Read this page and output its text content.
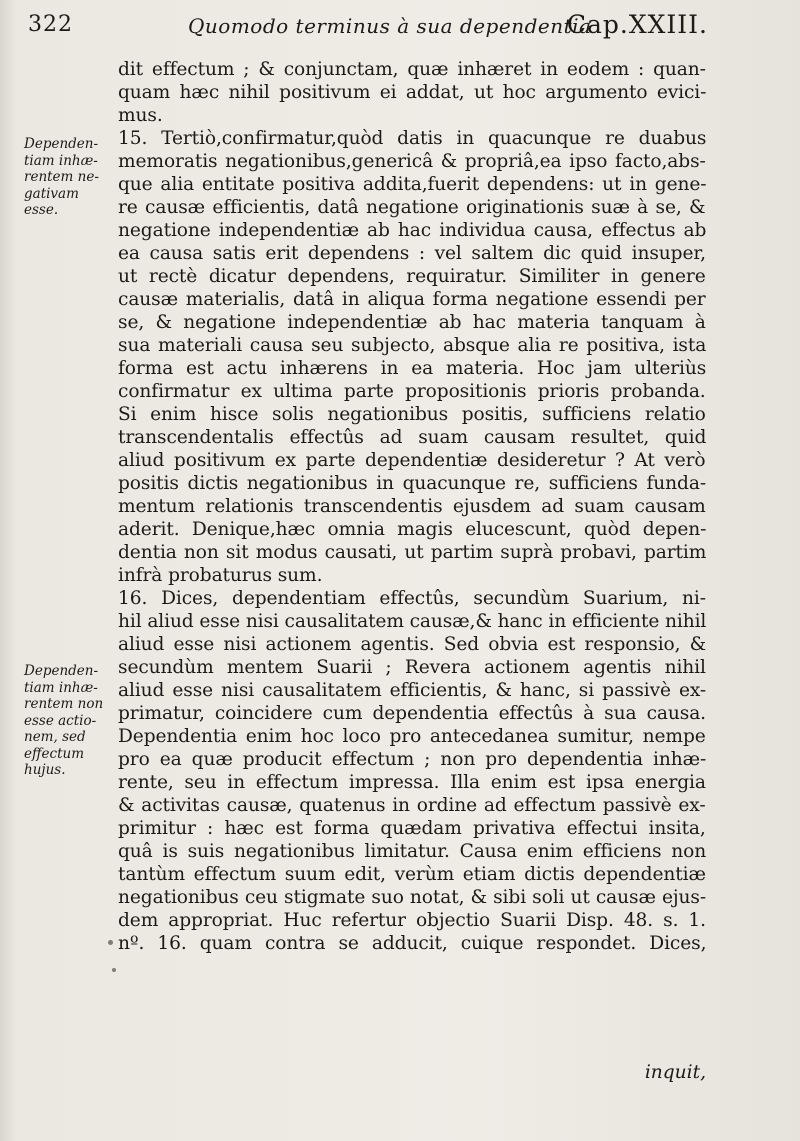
322	Quomodo terminus à sua dependentia
Cap.XXIII.
Dependen-
tiam inhæ-
rentem ne-
gativam
esse.
Dependen-
tiam inhæ-
rentem non
esse actio-
nem, sed
effectum
hujus.
dit effectum ; & conjunctam, quæ inhæret in eodem : quan-
quam hæc nihil positivum ei addat, ut hoc argumento evici-
mus.
15. Tertiò,confirmatur,quòd datis in quacunque re duabus
memoratis negationibus,genericâ & propriâ,ea ipso facto,abs-
que alia entitate positiva addita,fuerit dependens: ut in gene-
re causæ efficientis, datâ negatione originationis suæ à se, &
negatione independentiæ ab hac individua causa, effectus ab
ea causa satis erit dependens : vel saltem dic quid insuper,
ut rectè dicatur dependens, requiratur. Similiter in genere
causæ materialis, datâ in aliqua forma negatione essendi per
se, & negatione independentiæ ab hac materia tanquam à
sua materiali causa seu subjecto, absque alia re positiva, ista
forma est actu inhærens in ea materia. Hoc jam ulteriùs
confirmatur ex ultima parte propositionis prioris probanda.
Si enim hisce solis negationibus positis, sufficiens relatio
transcendentalis effectûs ad suam causam resultet, quid
aliud positivum ex parte dependentiæ desideretur ? At verò
positis dictis negationibus in quacunque re, sufficiens funda-
mentum relationis transcendentis ejusdem ad suam causam
aderit. Denique,hæc omnia magis elucescunt, quòd depen-
dentia non sit modus causati, ut partim suprà probavi, partim
infrà probaturus sum.
16. Dices, dependentiam effectûs, secundùm Suarium, ni-
hil aliud esse nisi causalitatem causæ,& hanc in efficiente nihil
aliud esse nisi actionem agentis. Sed obvia est responsio, &
secundùm mentem Suarii ; Revera actionem agentis nihil
aliud esse nisi causalitatem efficientis, & hanc, si passivè ex-
primatur, coincidere cum dependentia effectûs à sua causa.
Dependentia enim hoc loco pro antecedanea sumitur, nempe
pro ea quæ producit effectum ; non pro dependentia inhæ-
rente, seu in effectum impressa. Illa enim est ipsa energia
& activitas causæ, quatenus in ordine ad effectum passivè ex-
primitur : hæc est forma quædam privativa effectui insita,
quâ is suis negationibus limitatur. Causa enim efficiens non
tantùm effectum suum edit, verùm etiam dictis dependentiæ
negationibus ceu stigmate suo notat, & sibi soli ut causæ ejus-
dem appropriat. Huc refertur objectio Suarii Disp. 48. s. 1.
nº. 16. quam contra se adducit, cuique respondet. Dices,
inquit,
